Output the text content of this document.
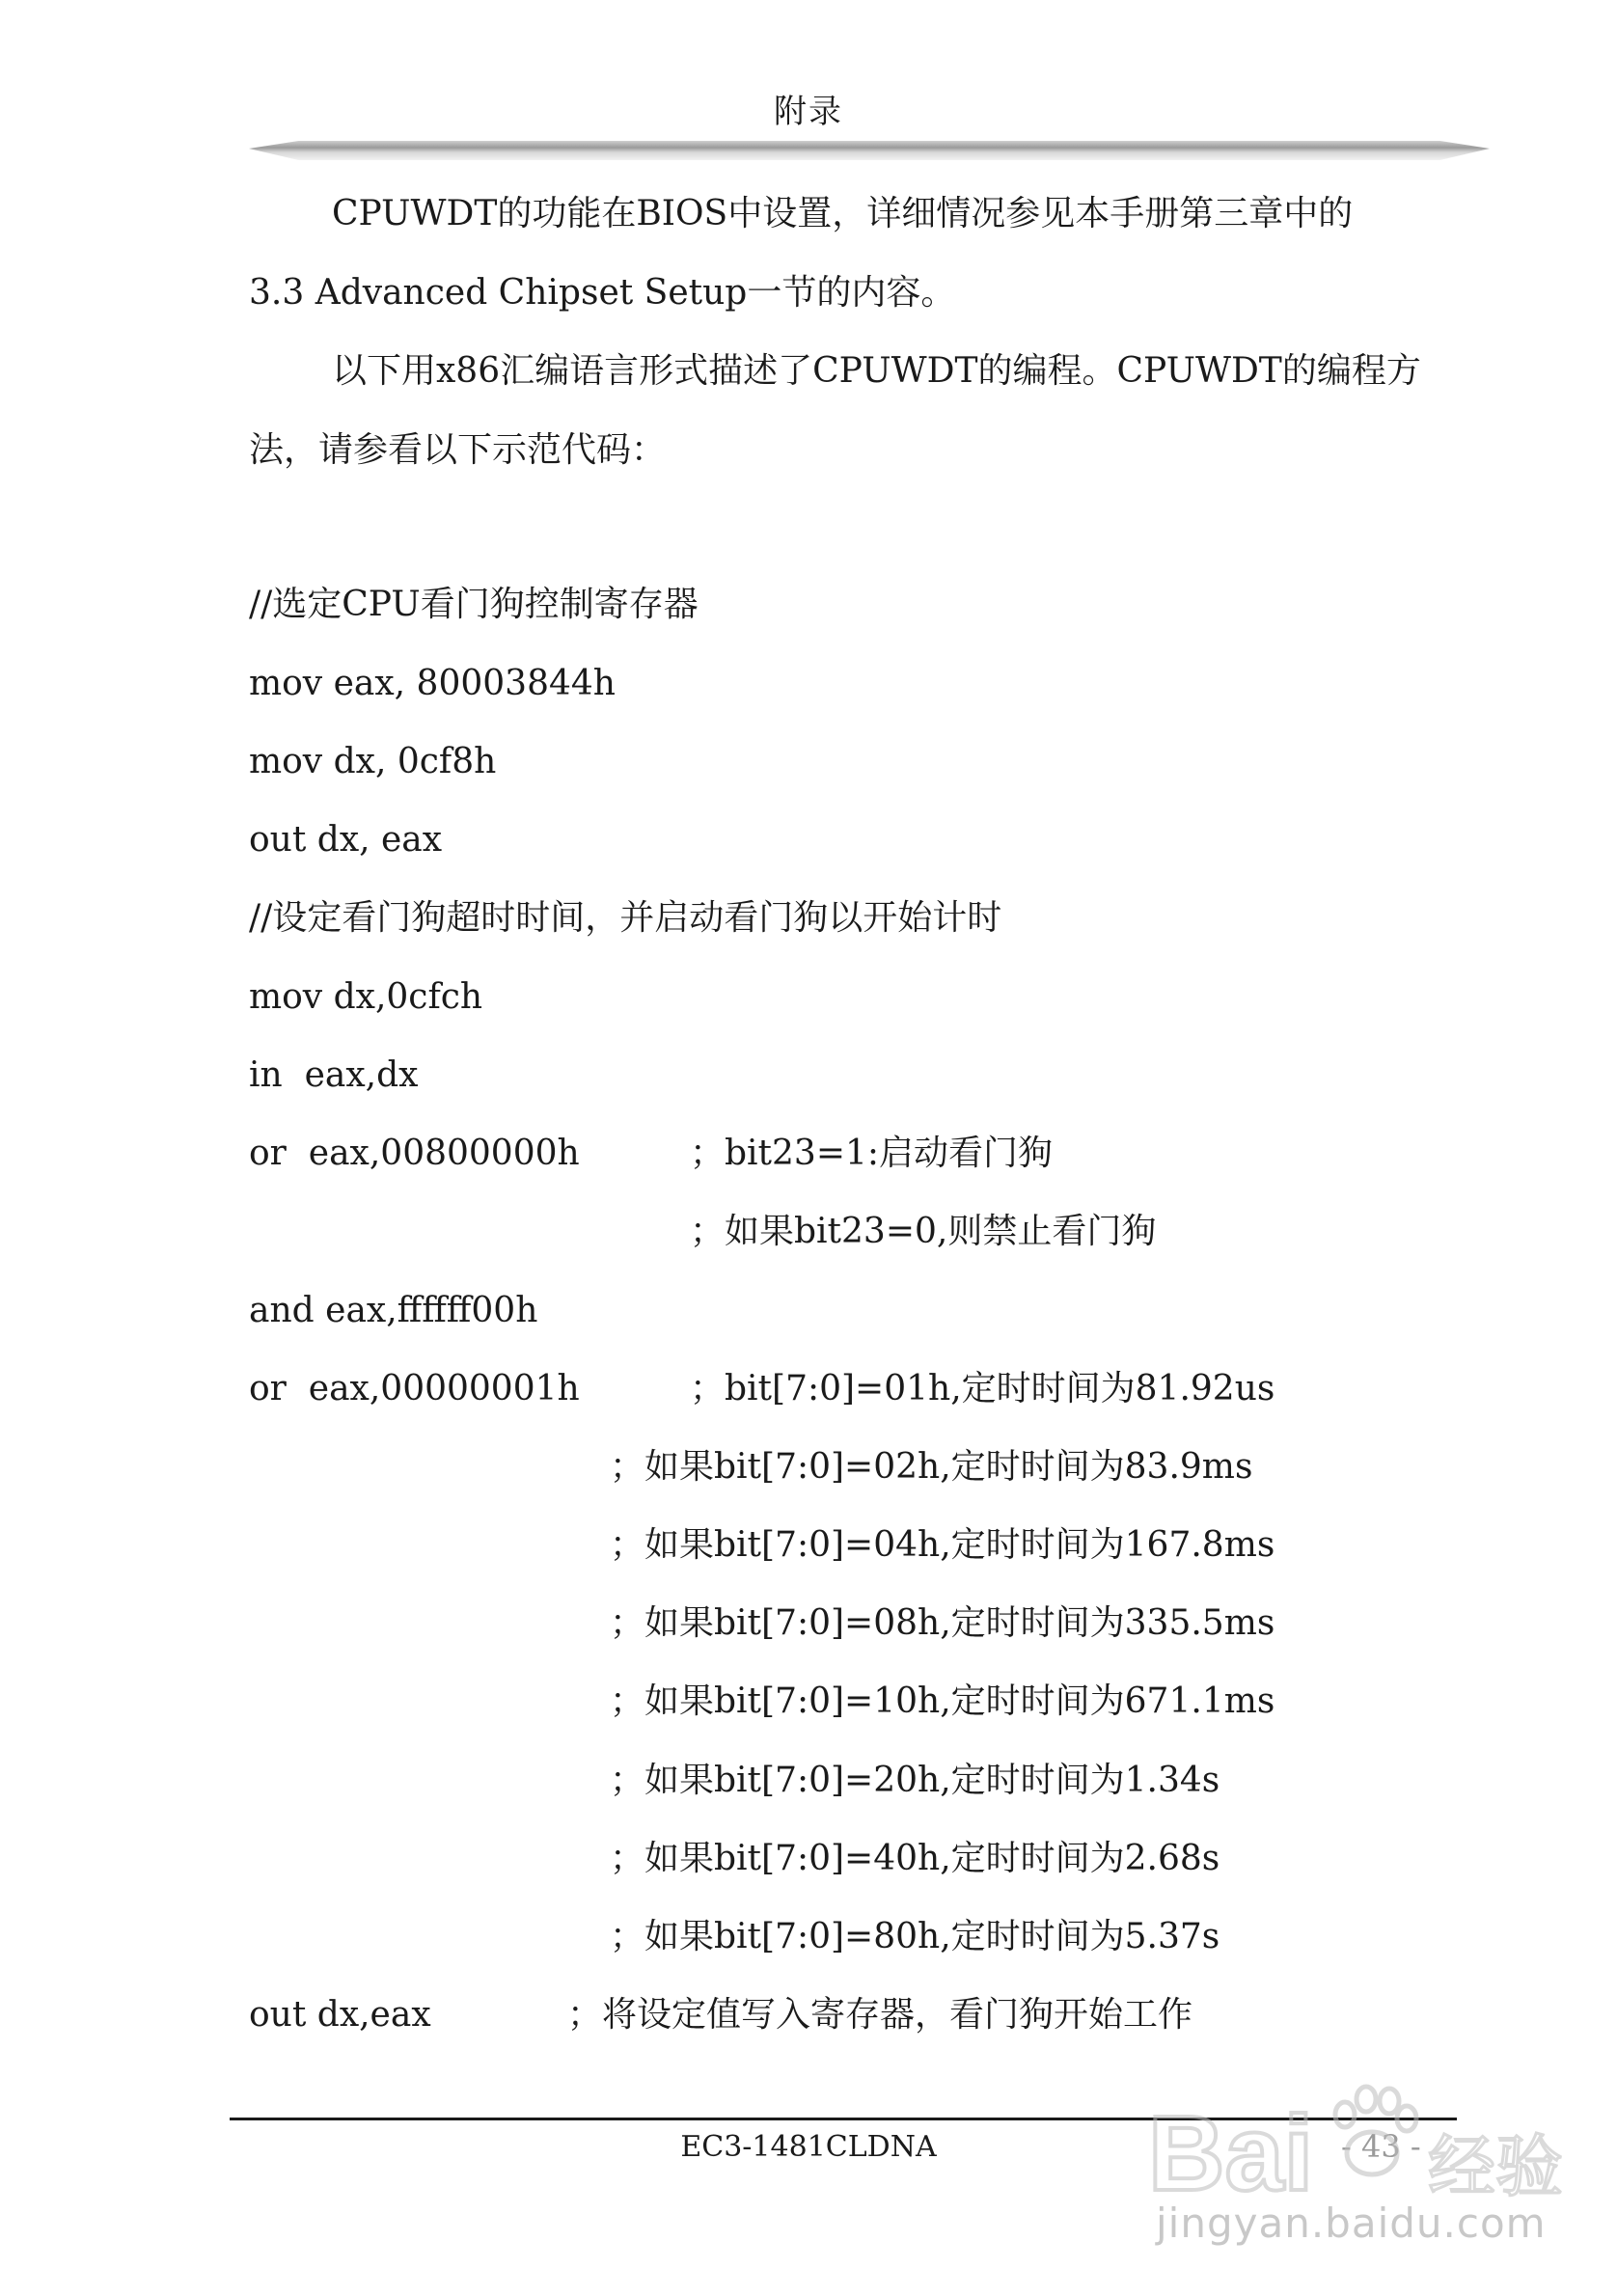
附录
CPUWDT的功能在BIOS中设置，详细情况参见本手册第三章中的
3.3 Advanced Chipset Setup一节的内容。
以下用x86汇编语言形式描述了CPUWDT的编程。CPUWDT的编程方
法，请参看以下示范代码：
//选定CPU看门狗控制寄存器
mov eax, 80003844h
mov dx, 0cf8h
out dx, eax
//设定看门狗超时时间，并启动看门狗以开始计时
mov dx,0cfch
in  eax,dx
or  eax,00800000h	；bit23=1:启动看门狗
；如果bit23=0,则禁止看门狗
and eax,ffffff00h
or  eax,00000001h	；bit[7:0]=01h,定时时间为81.92us
；如果bit[7:0]=02h,定时时间为83.9ms
；如果bit[7:0]=04h,定时时间为167.8ms
；如果bit[7:0]=08h,定时时间为335.5ms
；如果bit[7:0]=10h,定时时间为671.1ms
；如果bit[7:0]=20h,定时时间为1.34s
；如果bit[7:0]=40h,定时时间为2.68s
；如果bit[7:0]=80h,定时时间为5.37s
out dx,eax	；将设定值写入寄存器，看门狗开始工作
EC3-1481CLDNA	- 43 -
Bai 经验
jingyan.baidu.com
